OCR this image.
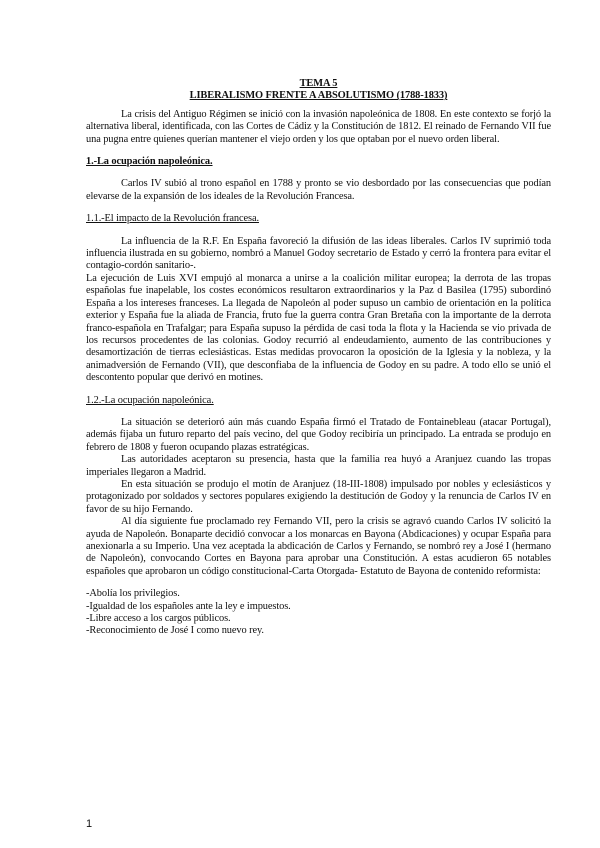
TEMA 5
LIBERALISMO FRENTE A ABSOLUTISMO (1788-1833)

La crisis del Antiguo Régimen se inició con la invasión napoleónica de 1808. En este contexto se forjó la alternativa liberal, identificada, con las Cortes de Cádiz y la Constitución de 1812. El reinado de Fernando VII fue una pugna entre quienes querían mantener el viejo orden y los que optaban por el nuevo orden liberal.

1.-La ocupación napoleónica.

Carlos IV subió al trono español en 1788 y pronto se vio desbordado por las consecuencias que podían elevarse de la expansión de los ideales de la Revolución Francesa.

1.1.-El impacto de la Revolución francesa.

La influencia de la R.F. En España favoreció la difusión de las ideas liberales. Carlos IV suprimió toda influencia ilustrada en su gobierno, nombró a Manuel Godoy secretario de Estado y cerró la frontera para evitar el contagio-cordón sanitario-.

La ejecución de Luis XVI empujó al monarca a unirse a la coalición militar europea; la derrota de las tropas españolas fue inapelable, los costes económicos resultaron extraordinarios y la Paz d Basilea (1795) subordinó España a los intereses franceses. La llegada de Napoleón al poder supuso un cambio de orientación en la política exterior y España fue la aliada de Francia, fruto fue la guerra contra Gran Bretaña con la importante de la derrota franco-española en Trafalgar; para España supuso la pérdida de casi toda la flota y la Hacienda se vio privada de los recursos procedentes de las colonias. Godoy recurrió al endeudamiento, aumento de las contribuciones y desamortización de tierras eclesiásticas. Estas medidas provocaron la oposición de la Iglesia y la nobleza, y la animadversión de Fernando (VII), que desconfiaba de la influencia de Godoy en su padre. A todo ello se unió el descontento popular que derivó en motines.

1.2.-La ocupación napoleónica.

La situación se deterioró aún más cuando España firmó el Tratado de Fontainebleau (atacar Portugal), además fijaba un futuro reparto del país vecino, del que Godoy recibiría un principado. La entrada se produjo en febrero de 1808 y fueron ocupando plazas estratégicas.

Las autoridades aceptaron su presencia, hasta que la familia rea huyó a Aranjuez cuando las tropas imperiales llegaron a Madrid.

En esta situación se produjo el motín de Aranjuez (18-III-1808) impulsado por nobles y eclesiásticos y protagonizado por soldados y sectores populares exigiendo la destitución de Godoy y la renuncia de Carlos IV en favor de su hijo Fernando.

Al día siguiente fue proclamado rey Fernando VII, pero la crisis se agravó cuando Carlos IV solicitó la ayuda de Napoleón. Bonaparte decidió convocar a los monarcas en Bayona (Abdicaciones) y ocupar España para anexionarla a su Imperio. Una vez aceptada la abdicación de Carlos y Fernando, se nombró rey a José I (hermano de Napoleón), convocando Cortes en Bayona para aprobar una Constitución. A estas acudieron 65 notables españoles que aprobaron un código constitucional-Carta Otorgada- Estatuto de Bayona de contenido reformista:

-Abolía los privilegios.

-Igualdad de los españoles ante la ley e impuestos.

-Libre acceso a los cargos públicos.

-Reconocimiento de José I como nuevo rey.

1
